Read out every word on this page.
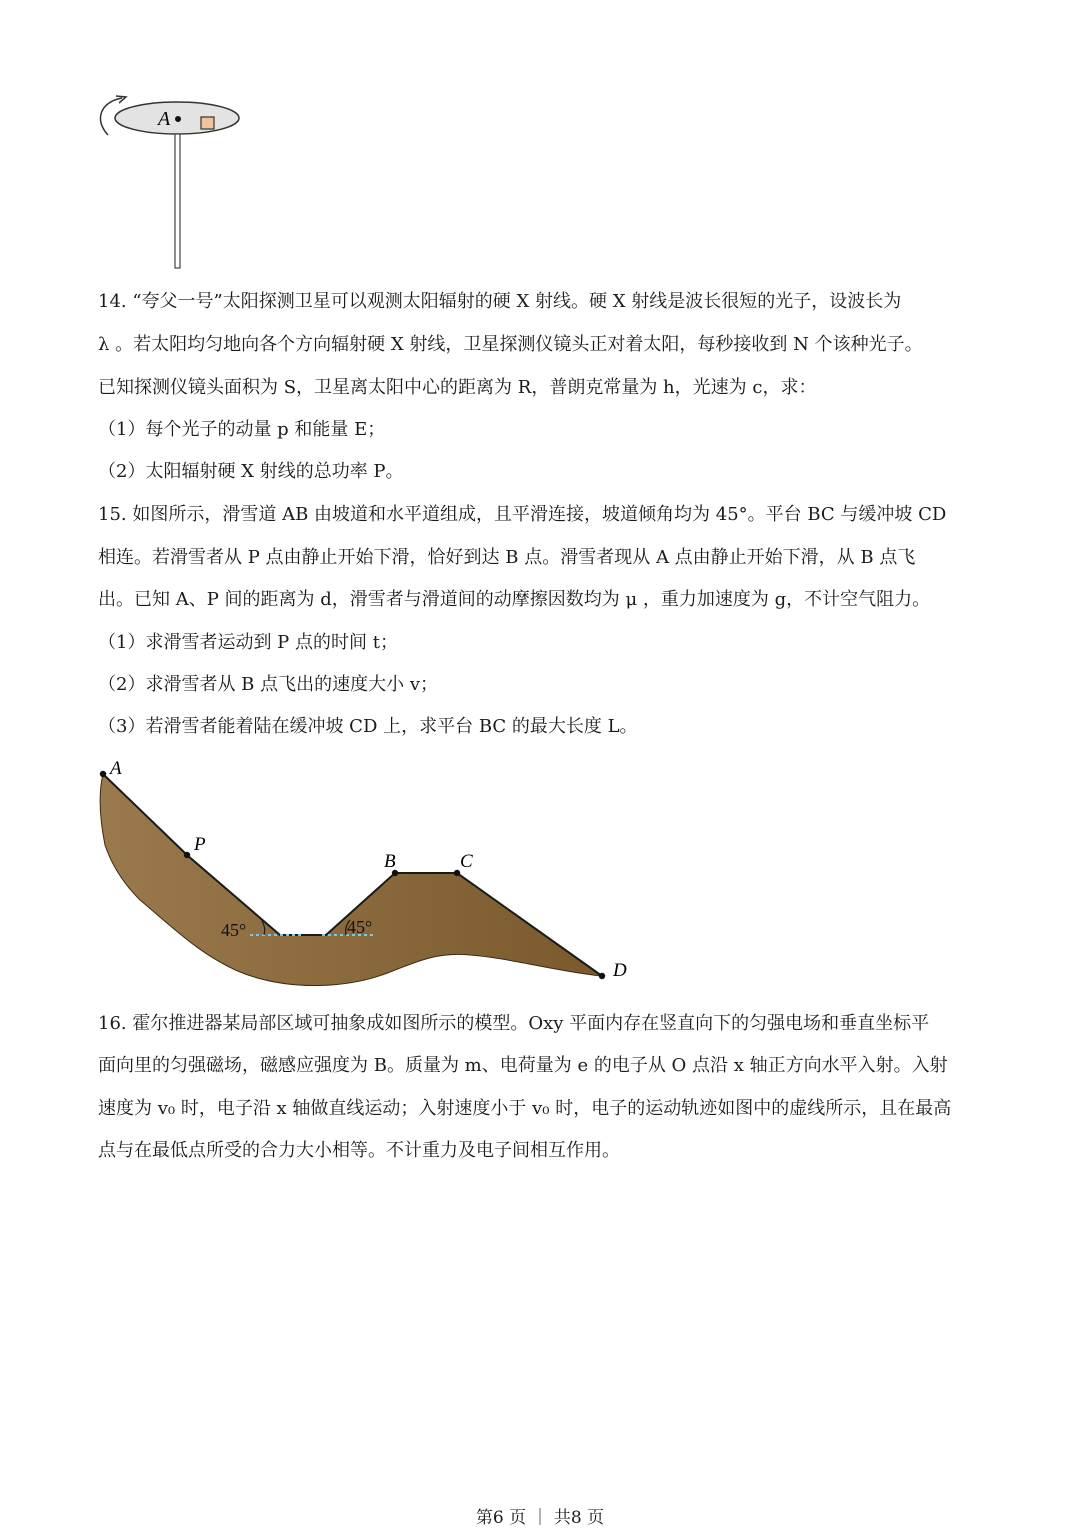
A
14. “夸父一号”太阳探测卫星可以观测太阳辐射的硬 X 射线。硬 X 射线是波长很短的光子，设波长为
λ 。若太阳均匀地向各个方向辐射硬 X 射线，卫星探测仪镜头正对着太阳，每秒接收到 N 个该种光子。
已知探测仪镜头面积为 S，卫星离太阳中心的距离为 R，普朗克常量为 h，光速为 c，求：
（1）每个光子的动量 p 和能量 E；
（2）太阳辐射硬 X 射线的总功率 P。
15. 如图所示，滑雪道 AB 由坡道和水平道组成，且平滑连接，坡道倾角均为 45°。平台 BC 与缓冲坡 CD
相连。若滑雪者从 P 点由静止开始下滑，恰好到达 B 点。滑雪者现从 A 点由静止开始下滑，从 B 点飞
出。已知 A、P 间的距离为 d，滑雪者与滑道间的动摩擦因数均为 μ ，重力加速度为 g，不计空气阻力。
（1）求滑雪者运动到 P 点的时间 t；
（2）求滑雪者从 B 点飞出的速度大小 v；
（3）若滑雪者能着陆在缓冲坡 CD 上，求平台 BC 的最大长度 L。
A
P
B	C
D
45°	45°
16. 霍尔推进器某局部区域可抽象成如图所示的模型。Oxy 平面内存在竖直向下的匀强电场和垂直坐标平
面向里的匀强磁场，磁感应强度为 B。质量为 m、电荷量为 e 的电子从 O 点沿 x 轴正方向水平入射。入射
速度为 v₀ 时，电子沿 x 轴做直线运动；入射速度小于 v₀ 时，电子的运动轨迹如图中的虚线所示，且在最高
点与在最低点所受的合力大小相等。不计重力及电子间相互作用。
第6 页 ｜ 共8 页
